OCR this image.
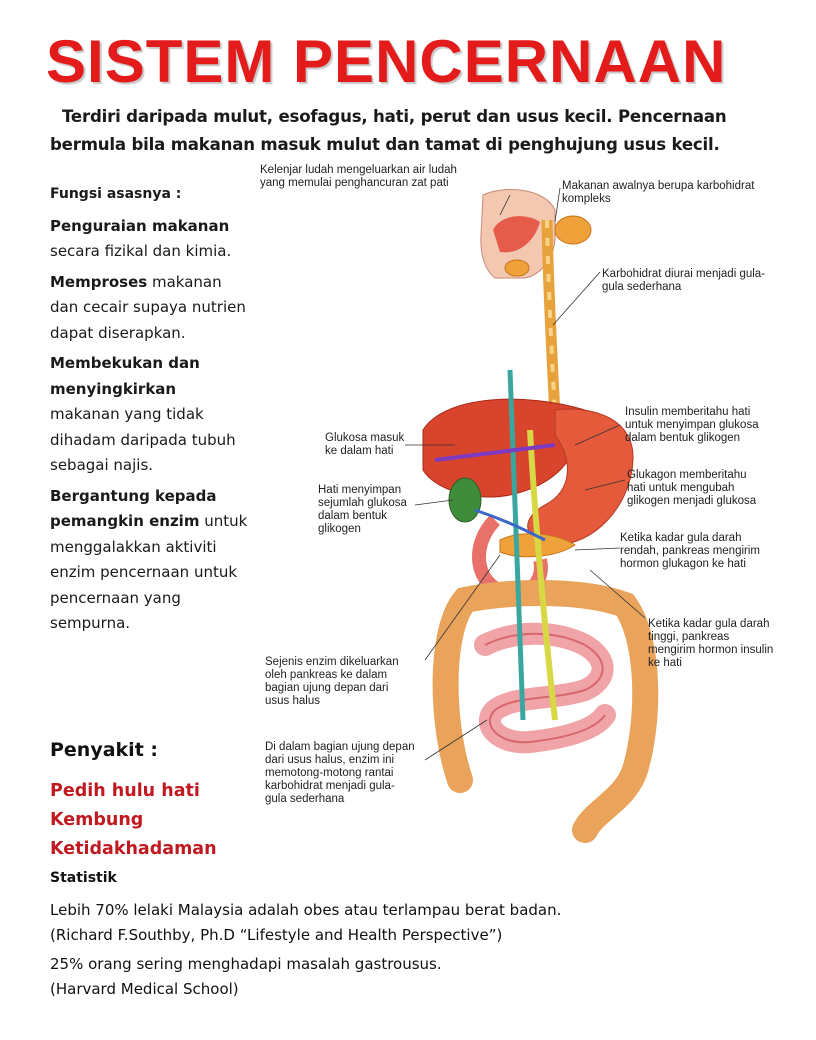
SISTEM PENCERNAAN
Terdiri daripada mulut, esofagus, hati, perut dan usus kecil. Pencernaan
bermula bila makanan masuk mulut dan tamat di penghujung usus kecil.
Fungsi asasnya :

Penguraian makanan secara fizikal dan kimia.

Memproses makanan dan cecair supaya nutrien dapat diserapkan.

Membekukan dan menyingkirkan makanan yang tidak dihadam daripada tubuh sebagai najis.

Bergantung kepada pemangkin enzim untuk menggalakkan aktiviti enzim pencernaan untuk pencernaan yang sempurna.

Penyakit :
Pedih hulu hati
Kembung
Ketidakhadaman
Statistik
Lebih 70% lelaki Malaysia adalah obes atau terlampau berat badan.
(Richard F.Southby, Ph.D “Lifestyle and Health Perspective”)
25% orang sering menghadapi masalah gastrousus.
(Harvard Medical School)
Kelenjar ludah mengeluarkan air ludah
yang memulai penghancuran zat pati	Makanan awalnya berupa karbohidrat
kompleks
Karbohidrat diurai menjadi gula-
gula sederhana
Glukosa masuk
ke dalam hati
Insulin memberitahu hati
untuk menyimpan glukosa
dalam bentuk glikogen
Glukagon memberitahu
hati untuk mengubah
glikogen menjadi glukosa
Hati menyimpan
sejumlah glukosa
dalam bentuk
glikogen
Ketika kadar gula darah
rendah, pankreas mengirim
hormon glukagon ke hati
Ketika kadar gula darah
tinggi, pankreas
mengirim hormon insulin
ke hati
Sejenis enzim dikeluarkan
oleh pankreas ke dalam
bagian ujung depan dari
usus halus
Di dalam bagian ujung depan
dari usus halus, enzim ini
memotong-motong rantai
karbohidrat menjadi gula-
gula sederhana
